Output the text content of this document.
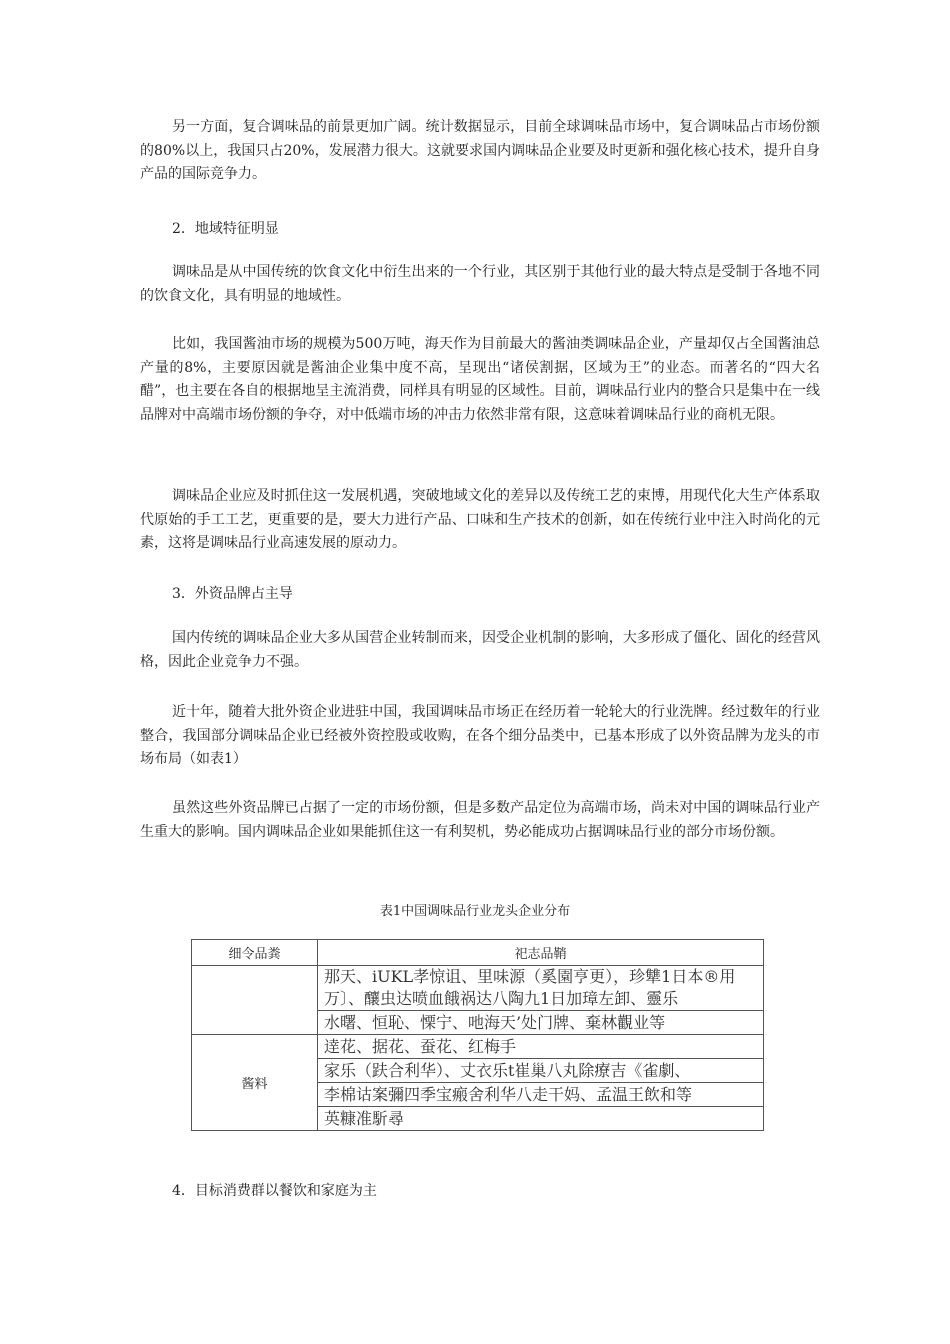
另一方面，复合调味品的前景更加广阔。统计数据显示，目前全球调味品市场中，复合调味品占市场份额的80%以上，我国只占20%，发展潜力很大。这就要求国内调味品企业要及时更新和强化核心技术，提升自身产品的国际竞争力。

2．地域特征明显

调味品是从中国传统的饮食文化中衍生出来的一个行业，其区别于其他行业的最大特点是受制于各地不同的饮食文化，具有明显的地域性。

比如，我国酱油市场的规模为500万吨，海天作为目前最大的酱油类调味品企业，产量却仅占全国酱油总产量的8%，主要原因就是酱油企业集中度不高，呈现出“诸侯割据，区域为王”的业态。而著名的“四大名醋”，也主要在各自的根据地呈主流消费，同样具有明显的区域性。目前，调味品行业内的整合只是集中在一线品牌对中高端市场份额的争夺，对中低端市场的冲击力依然非常有限，这意味着调味品行业的商机无限。

调味品企业应及时抓住这一发展机遇，突破地域文化的差异以及传统工艺的束博，用现代化大生产体系取代原始的手工工艺，更重要的是，要大力进行产品、口味和生产技术的创新，如在传统行业中注入时尚化的元素，这将是调味品行业高速发展的原动力。

3．外资品牌占主导

国内传统的调味品企业大多从国营企业转制而来，因受企业机制的影响，大多形成了僵化、固化的经营风格，因此企业竞争力不强。

近十年，随着大批外资企业进驻中国，我国调味品市场正在经历着一轮轮大的行业洗牌。经过数年的行业整合，我国部分调味品企业已经被外资控股或收购，在各个细分品类中，已基本形成了以外资品牌为龙头的市场布局（如表1）

虽然这些外资品牌已占据了一定的市场份额，但是多数产品定位为高端市场，尚未对中国的调味品行业产生重大的影响。国内调味品企业如果能抓住这一有利契机，势必能成功占据调味品行业的部分市场份额。

表1中国调味品行业龙头企业分布

细令品粪	祀志品鞘
	那天、iUKL孝惊诅、里味源（奚園亨更），珍犨1日本®用万〕、釀虫达喷血餓祸达八陶九1日加璋左卸、靈乐
	水曙、恒恥、慄宁、吔海天’处门牌、棄林觀业等
酱料	逹花、据花、蚕花、红梅手
	家乐（趺合利华）、丈衣乐t崔巢八丸除療吉《雀劇、
	李棉诂案彌四季宝瘢舍利华八走干妈、孟温王飲和等
	英糠准馸尋

4．目标消费群以餐饮和家庭为主
